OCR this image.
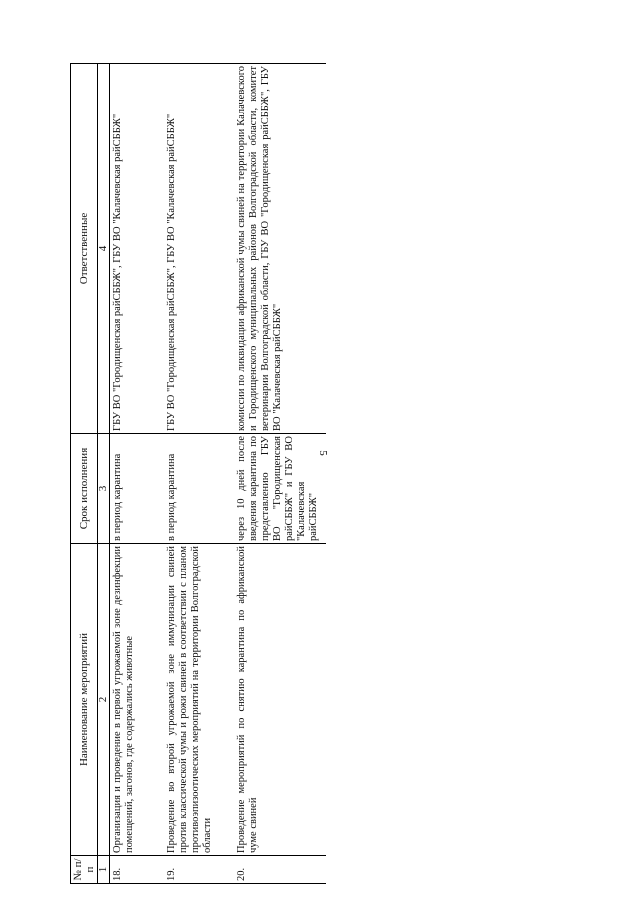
5
№ п/п	Наименование мероприятий	Срок исполнения	Ответственные
1	2	3	4
18.	Организация и проведение в первой угрожаемой зоне дезинфекции помещений, загонов, где содержались животные	в период карантина	ГБУ ВО "Городищенская райСББЖ", ГБУ ВО "Калачевская райСББЖ"
19.	Проведение во второй угрожаемой зоне иммунизации свиней против классической чумы и рожи свиней в соответствии с планом противоэпизоотических мероприятий на территории Волгоградской области	в период карантина	ГБУ ВО "Городищенская райСББЖ", ГБУ ВО "Калачевская райСББЖ"
20.	Проведение мероприятий по снятию карантина по африканской чуме свиней	через 10 дней после введения карантина по представлению ГБУ ВО "Городищенская райСББЖ" и ГБУ ВО "Калачевская райСББЖ"	комиссии по ликвидации африканской чумы свиней на территории Калачевского и Городищенского муниципальных районов Волгоградской области, комитет ветеринарии Волгоградской области, ГБУ ВО "Городищенская райСББЖ", ГБУ ВО "Калачевская райСББЖ"
